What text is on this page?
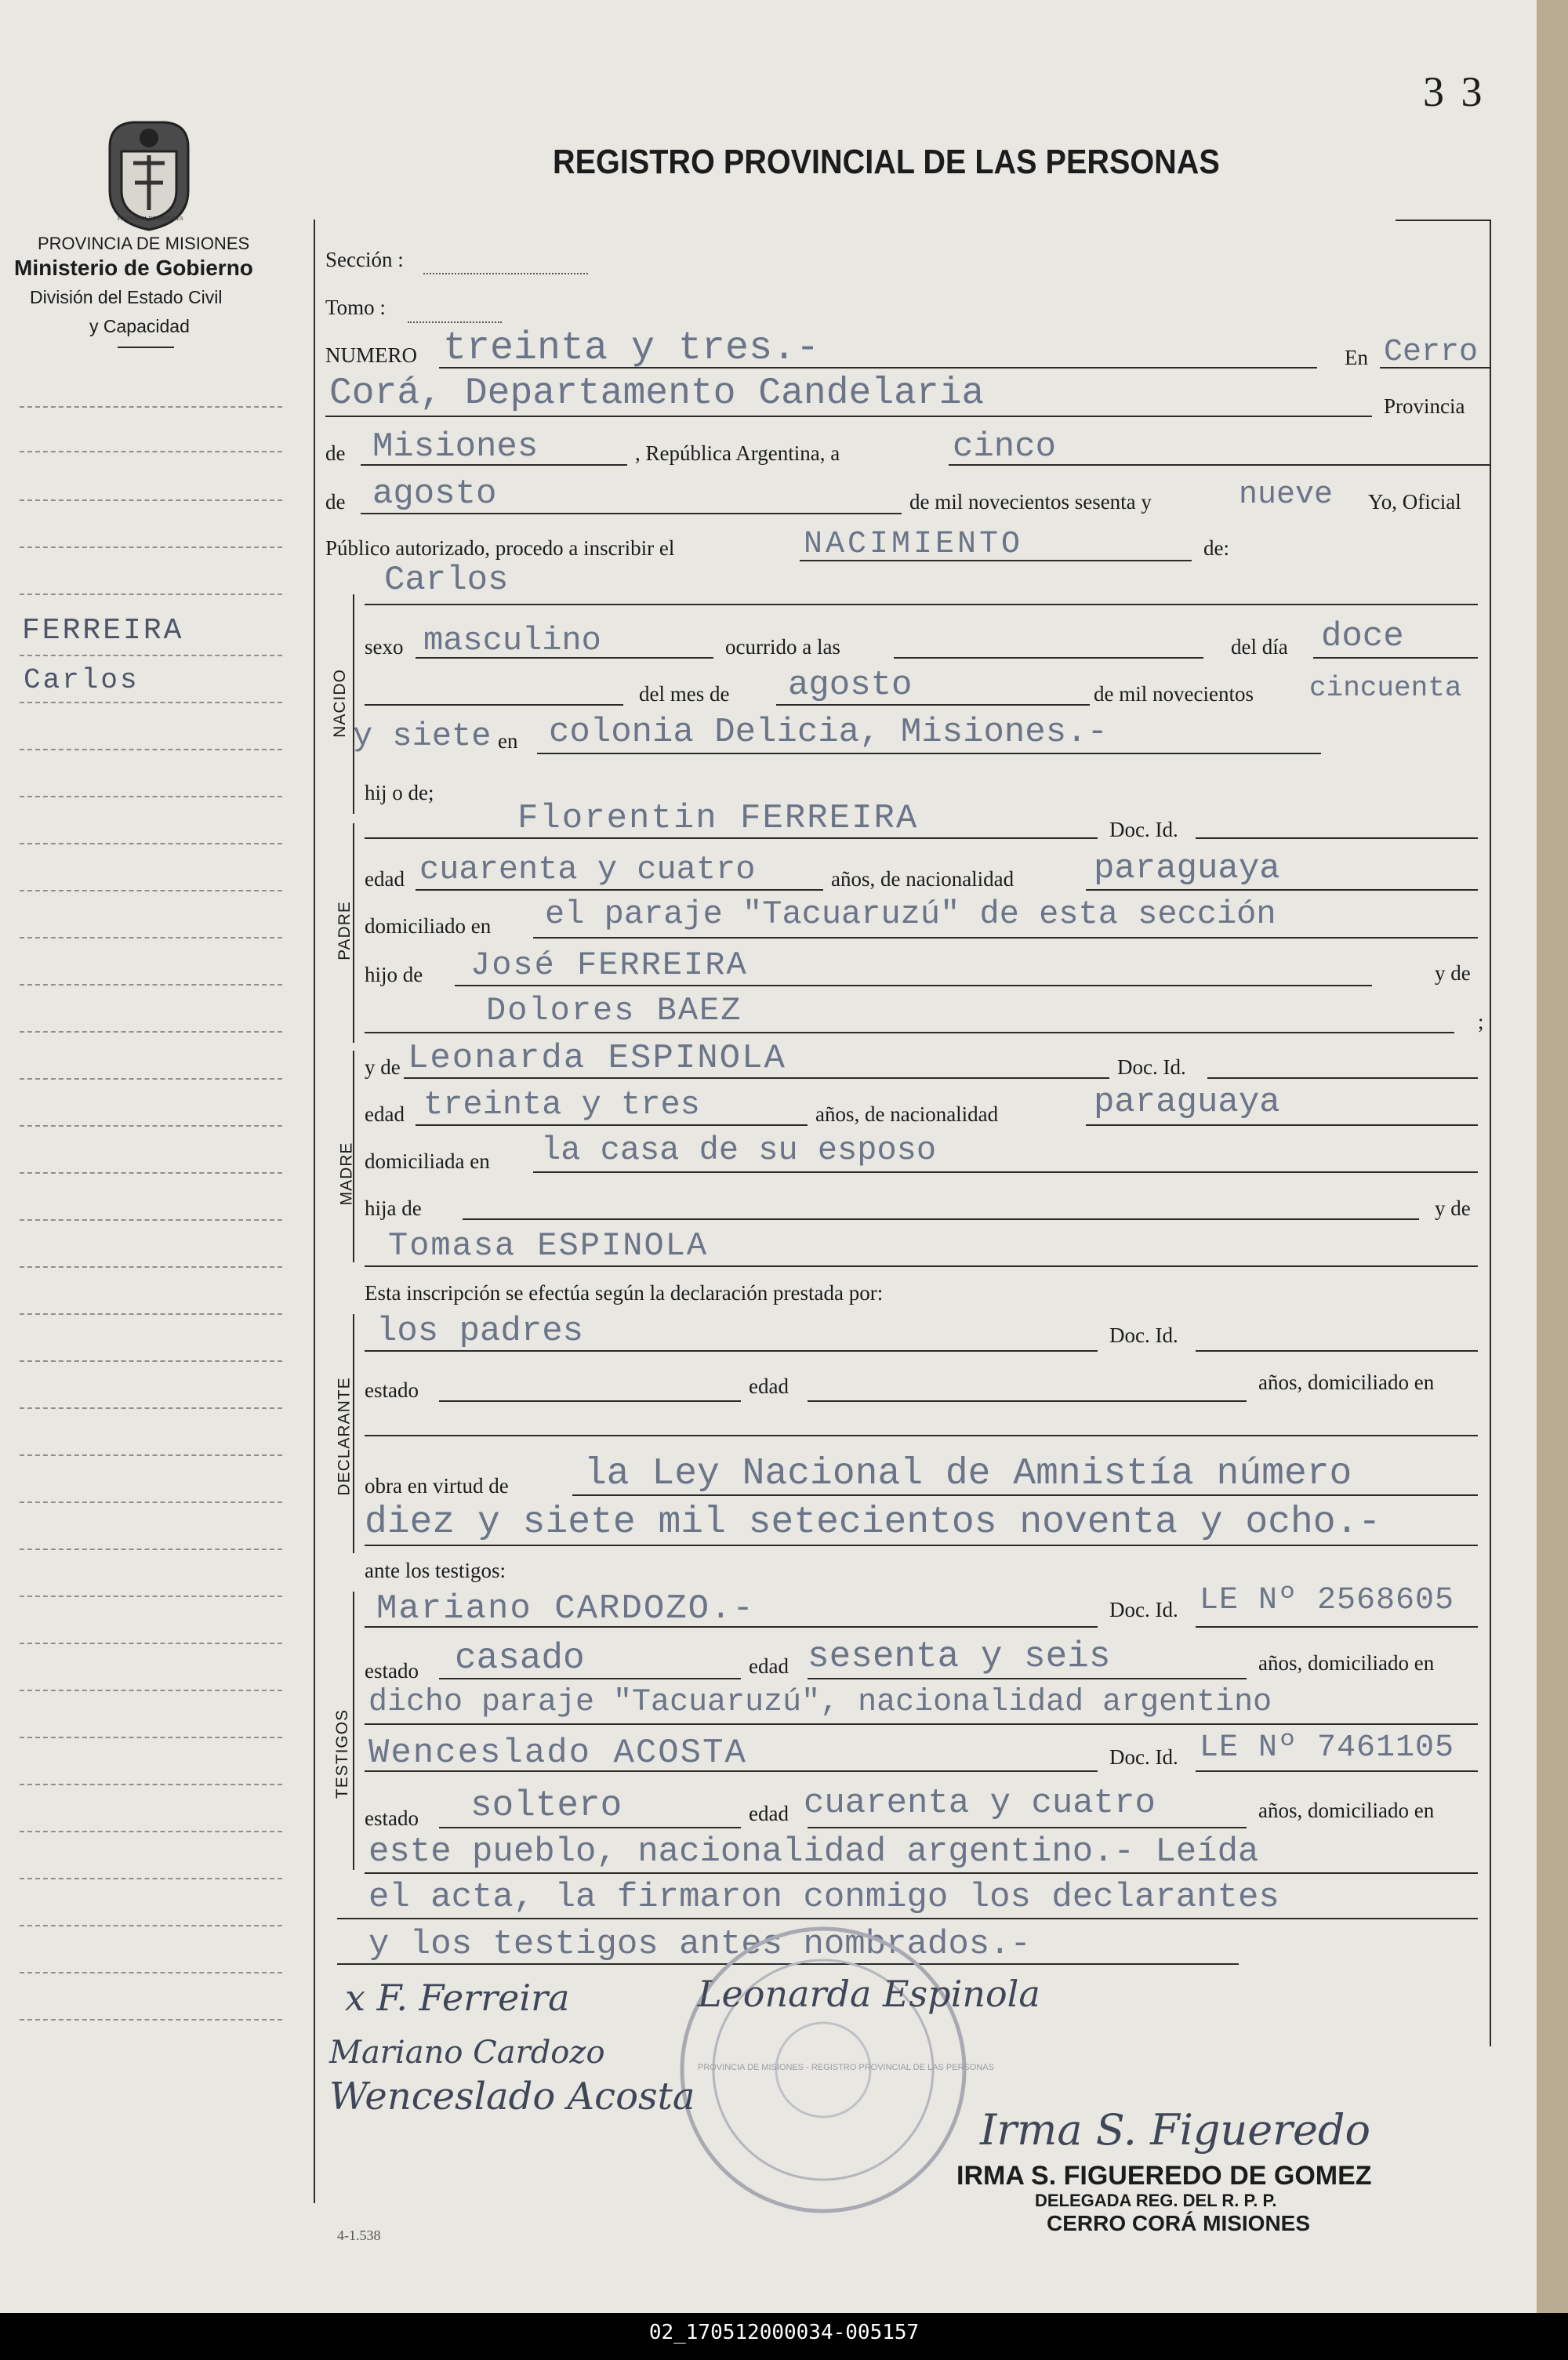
3 3
REGISTRO PROVINCIAL DE LAS PERSONAS
PROVINCIA DE MISIONES
PROVINCIA DE MISIONES
Ministerio de Gobierno
División del Estado Civil
y Capacidad
FERREIRA
Carlos
Sección :
Tomo :
NUMERO treinta y tres.-	En Cerro
Corá, Departamento Candelaria	Provincia
de Misiones	, República Argentina, a	cinco
de agosto	de mil novecientos sesenta y	nueve Yo, Oficial
Público autorizado, procedo a inscribir el	NACIMIENTO	de:
NACIDO
Carlos
sexo masculino	ocurrido a las	del día doce
del mes de agosto	de mil novecientos cincuenta
y siete en colonia Delicia, Misiones.-
hij o de;
PADRE
Florentin FERREIRA	Doc. Id.
edad cuarenta y cuatro	años, de nacionalidad paraguaya
domiciliado en el paraje "Tacuaruzú" de esta sección
hijo de José FERREIRA	y de
Dolores BAEZ	;
MADRE
y de Leonarda ESPINOLA	Doc. Id.
edad treinta y tres	años, de nacionalidad	paraguaya
domiciliada en la casa de su esposo
hija de	y de
Tomasa ESPINOLA
Esta inscripción se efectúa según la declaración prestada por:
DECLARANTE
los padres	Doc. Id.
estado	edad	años, domiciliado en
obra en virtud de la Ley Nacional de Amnistía número
diez y siete mil setecientos noventa y ocho.-
ante los testigos:
TESTIGOS
Mariano CARDOZO.-	Doc. Id. LE Nº 2568605
estado casado	edad sesenta y seis	años, domiciliado en
dicho paraje "Tacuaruzú", nacionalidad argentino
Wenceslado ACOSTA	Doc. Id. LE Nº 7461105
estado soltero	edad cuarenta y cuatro	años, domiciliado en
este pueblo, nacionalidad argentino.- Leída
el acta, la firmaron conmigo los declarantes
y los testigos antes nombrados.-
PROVINCIA DE MISIONES - REGISTRO PROVINCIAL DE LAS PERSONAS
x F. Ferreira	Leonarda Espinola
Mariano Cardozo
Wenceslado Acosta
Irma S. Figueredo
IRMA S. FIGUEREDO DE GOMEZ
DELEGADA REG. DEL R. P. P.
CERRO CORÁ MISIONES
4-1.538
02_170512000034-005157
